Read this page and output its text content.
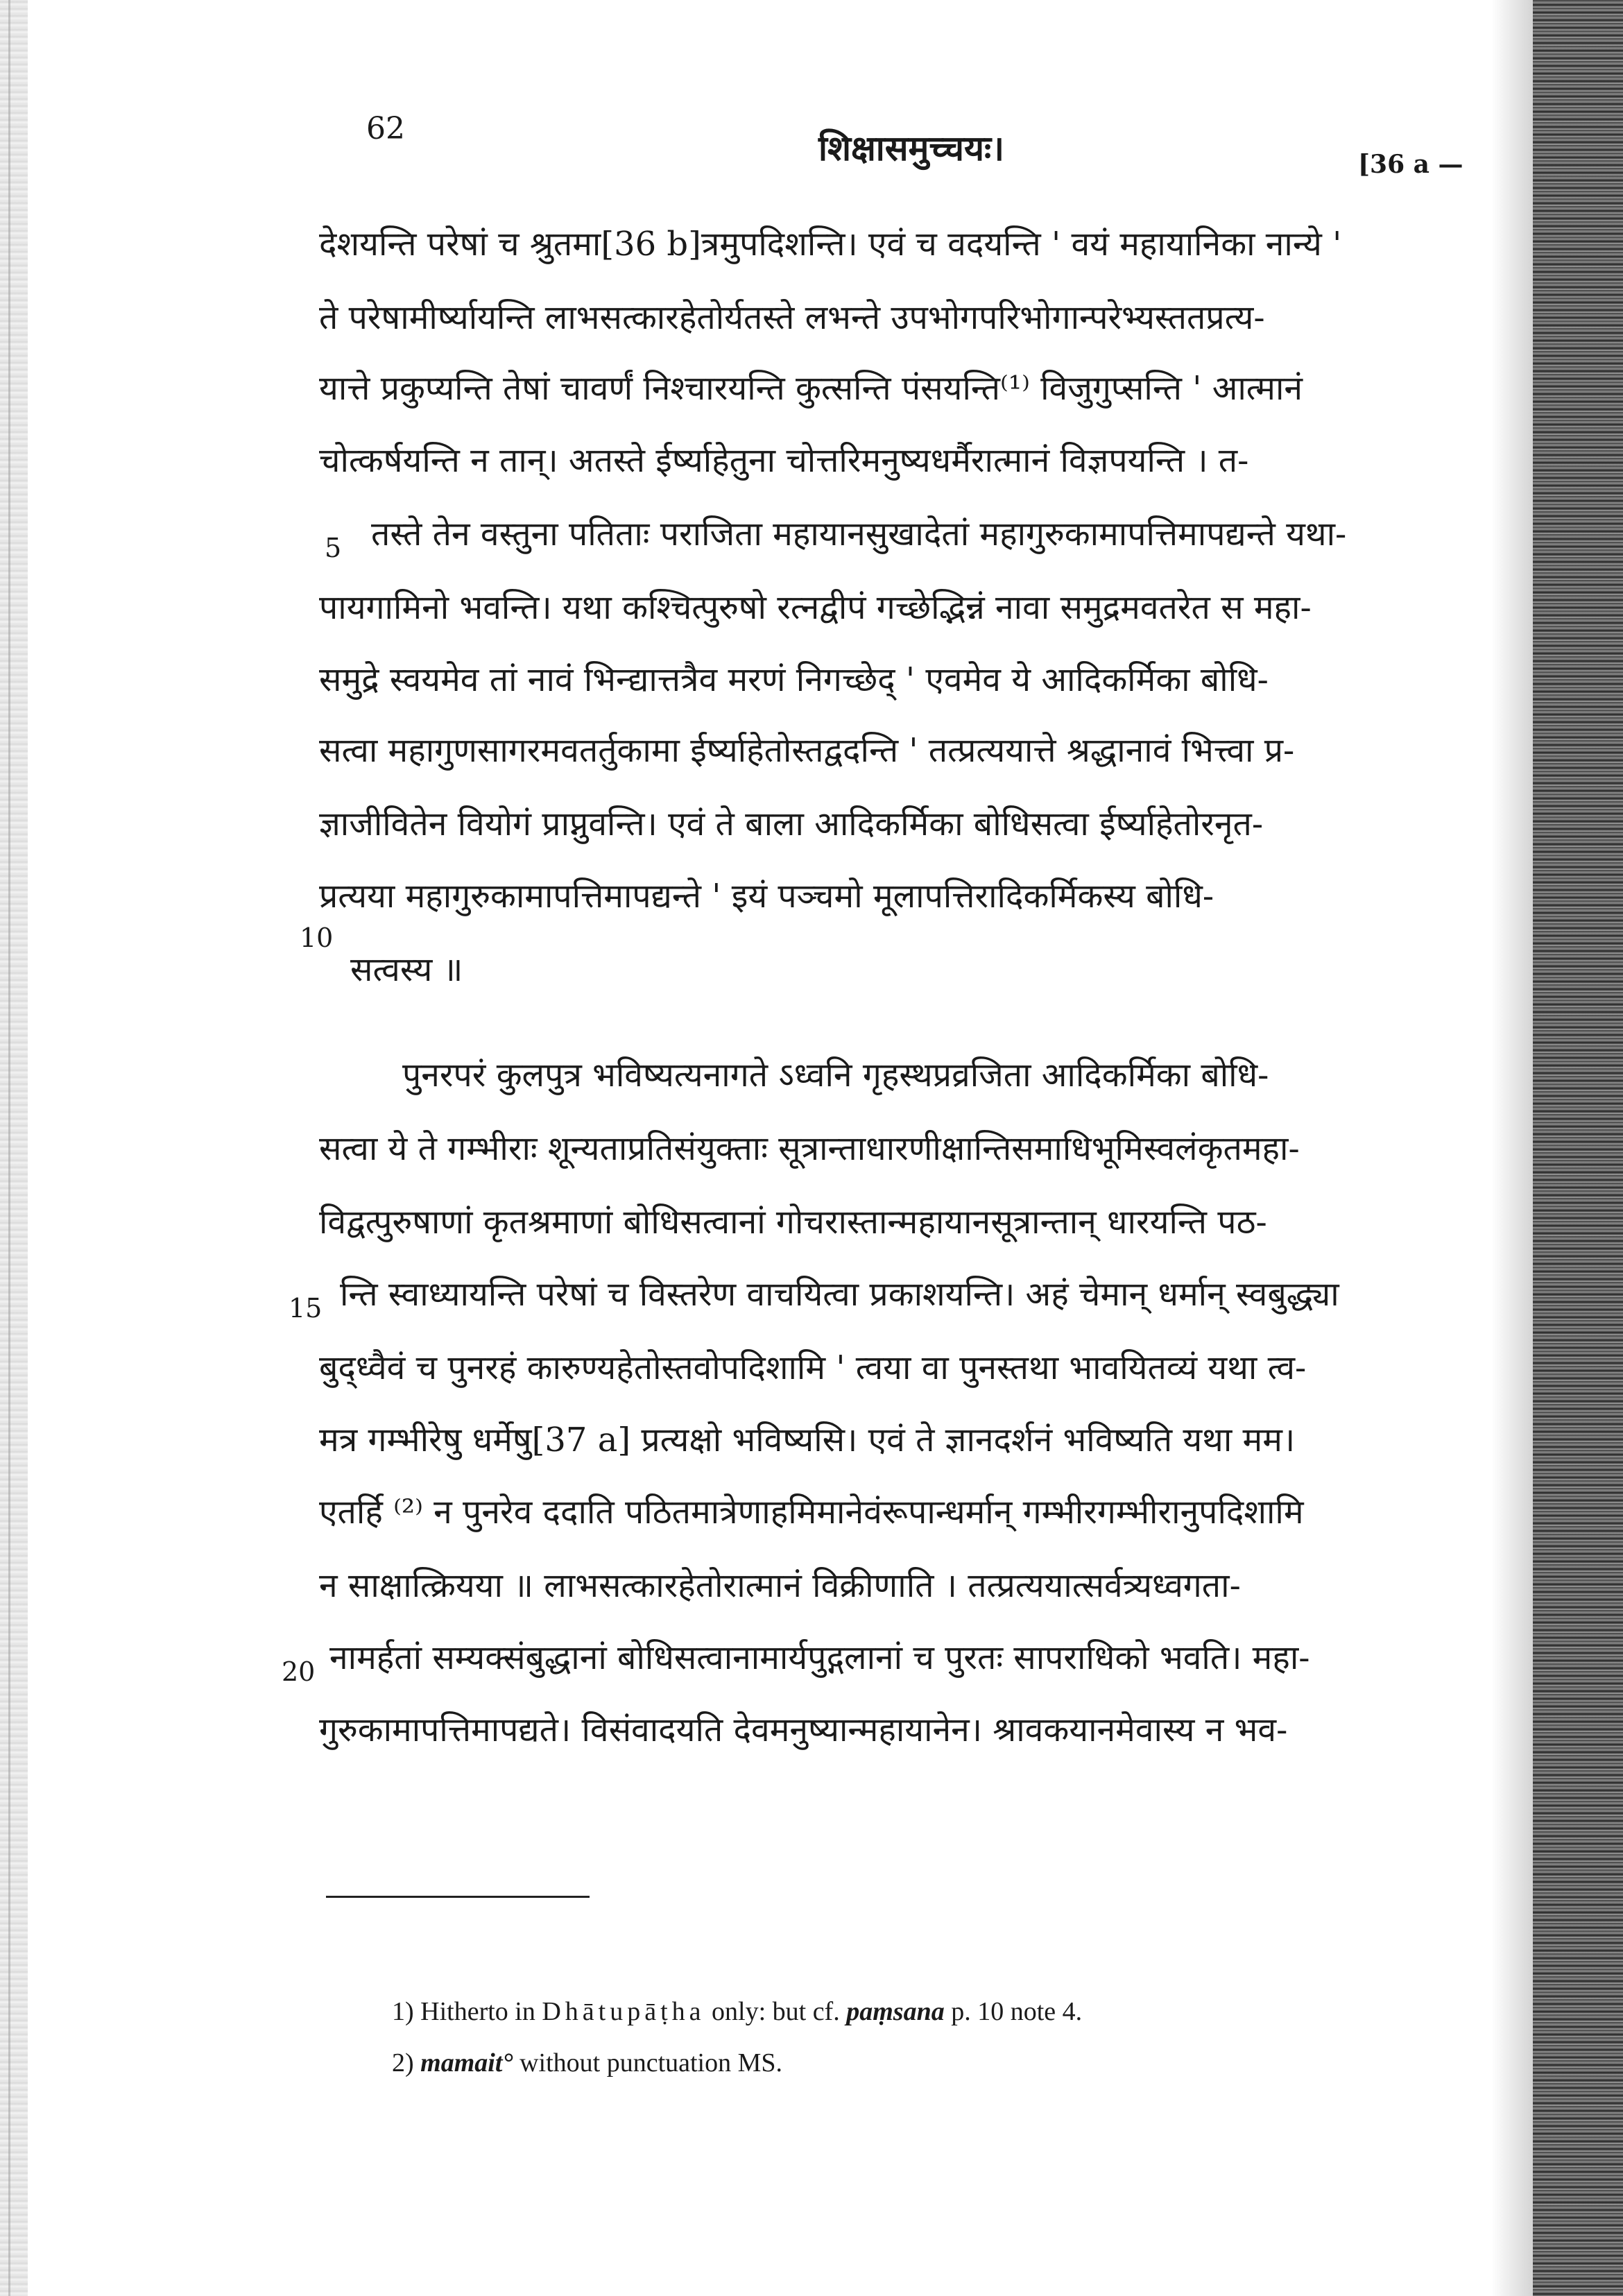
62	शिक्षासमुच्चयः।	[36 a —
देशयन्ति परेषां च श्रुतमा[36 b]त्रमुपदिशन्ति। एवं च वदयन्ति ' वयं महायानिका नान्ये '
ते परेषामीर्ष्यायन्ति लाभसत्कारहेतोर्यतस्ते लभन्ते उपभोगपरिभोगान्परेभ्यस्ततप्रत्य-
यात्ते प्रकुप्यन्ति तेषां चावर्णं निश्चारयन्ति कुत्सन्ति पंसयन्ति⁽¹⁾ विजुगुप्सन्ति ' आत्मानं
चोत्कर्षयन्ति न तान्। अतस्ते ईर्ष्याहेतुना चोत्तरिमनुष्यधर्मैरात्मानं विज्ञपयन्ति । त-
5 तस्ते तेन वस्तुना पतिताः पराजिता महायानसुखादेतां महागुरुकामापत्तिमापद्यन्ते यथा-
पायगामिनो भवन्ति। यथा कश्चित्पुरुषो रत्नद्वीपं गच्छेद्भिन्नं नावा समुद्रमवतरेत स महा-
समुद्रे स्वयमेव तां नावं भिन्द्यात्तत्रैव मरणं निगच्छेद् ' एवमेव ये आदिकर्मिका बोधि-
सत्वा महागुणसागरमवतर्तुकामा ईर्ष्याहेतोस्तद्वदन्ति ' तत्प्रत्ययात्ते श्रद्धानावं भित्त्वा प्र-
ज्ञाजीवितेन वियोगं प्राप्नुवन्ति। एवं ते बाला आदिकर्मिका बोधिसत्वा ईर्ष्याहेतोरनृत-
प्रत्यया महागुरुकामापत्तिमापद्यन्ते ' इयं पञ्चमो मूलापत्तिरादिकर्मिकस्य बोधि-
10
सत्वस्य ॥
पुनरपरं कुलपुत्र भविष्यत्यनागते ऽध्वनि गृहस्थप्रव्रजिता आदिकर्मिका बोधि-
सत्वा ये ते गम्भीराः शून्यताप्रतिसंयुक्ताः सूत्रान्ताधारणीक्षान्तिसमाधिभूमिस्वलंकृतमहा-
विद्वत्पुरुषाणां कृतश्रमाणां बोधिसत्वानां गोचरास्तान्महायानसूत्रान्तान् धारयन्ति पठ-
15 न्ति स्वाध्यायन्ति परेषां च विस्तरेण वाचयित्वा प्रकाशयन्ति। अहं चेमान् धर्मान् स्वबुद्ध्या
बुद्ध्वैवं च पुनरहं कारुण्यहेतोस्तवोपदिशामि ' त्वया वा पुनस्तथा भावयितव्यं यथा त्व-
मत्र गम्भीरेषु धर्मेषु[37 a] प्रत्यक्षो भविष्यसि। एवं ते ज्ञानदर्शनं भविष्यति यथा मम।
एतर्हि ⁽²⁾ न पुनरेव ददाति पठितमात्रेणाहमिमानेवंरूपान्धर्मान् गम्भीरगम्भीरानुपदिशामि
न साक्षात्क्रियया ॥ लाभसत्कारहेतोरात्मानं विक्रीणाति । तत्प्रत्ययात्सर्वत्र्यध्वगता-
20 नामर्हतां सम्यक्संबुद्धानां बोधिसत्वानामार्यपुद्गलानां च पुरतः सापराधिको भवति। महा-
गुरुकामापत्तिमापद्यते। विसंवादयति देवमनुष्यान्महायानेन। श्रावकयानमेवास्य न भव-
1) Hitherto in Dhātupāṭha only: but cf. paṃsana p. 10 note 4.
2) mamait° without punctuation MS.
